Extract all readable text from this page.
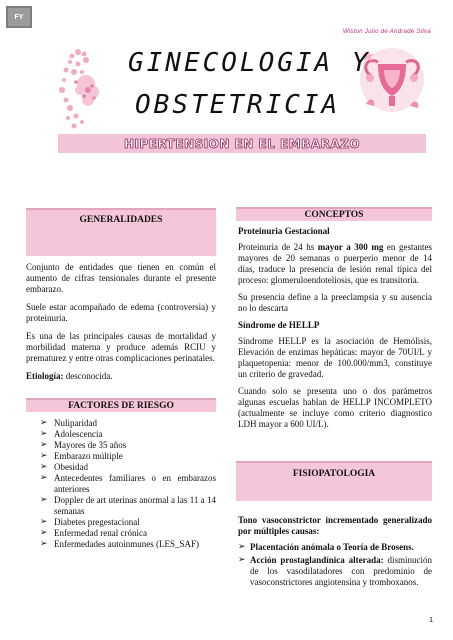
FY
Wiston Julio de Andrade Silva
GINECOLOGIA Y
OBSTETRICIA
HIPERTENSION EN EL EMBARAZO
GENERALIDADES

Conjunto de entidades que tienen en común el aumento de cifras tensionales durante el presente embarazo.

Suele estar acompañado de edema (controversia) y proteinuria.

Es una de las principales causas de mortalidad y morbilidad materna y produce además RCIU y prematurez y entre otras complicaciones perinatales.

Etiología: desconocida.

FACTORES DE RIESGO
➢ Nuliparidad
➢ Adolescencia
➢ Mayores de 35 años
➢ Embarazo múltiple
➢ Obesidad
➢ Antecedentes familiares o en embarazos anteriores
➢ Doppler de art uterinas anormal a las 11 a 14 semanas
➢ Diabetes pregestacional
➢ Enfermedad renal crónica
➢ Enfermedades autoinmunes (LES_SAF)
CONCEPTOS

Proteinuria Gestacional

Proteinuria de 24 hs mayor a 300 mg en gestantes mayores de 20 semanas o puerperio menor de 14 días, traduce la presencia de lesión renal típica del proceso: glomeruloendoteliosis, que es transitoria.

Su presencia define a la preeclampsia y su ausencia no lo descarta

Síndrome de HELLP

Síndrome HELLP es la asociación de Hemólisis, Elevación de enzimas hepáticas: mayor de 70UI/L y plaquetopenia: menor de 100.000/mm3, constituye un criterio de gravedad.

Cuando solo se presenta uno o dos parámetros algunas escuelas hablan de HELLP INCOMPLETO (actualmente se incluye como criterio diagnostico LDH mayor a 600 UI/L).

FISIOPATOLOGIA

Tono vasoconstrictor incrementado generalizado por múltiples causas:

➢ Placentación anómala o Teoría de Brosens.
➢ Acción prostaglandínica alterada: disminución de los vasodilatadores con predominio de vasoconstrictores angiotensina y tromboxanos.
1
